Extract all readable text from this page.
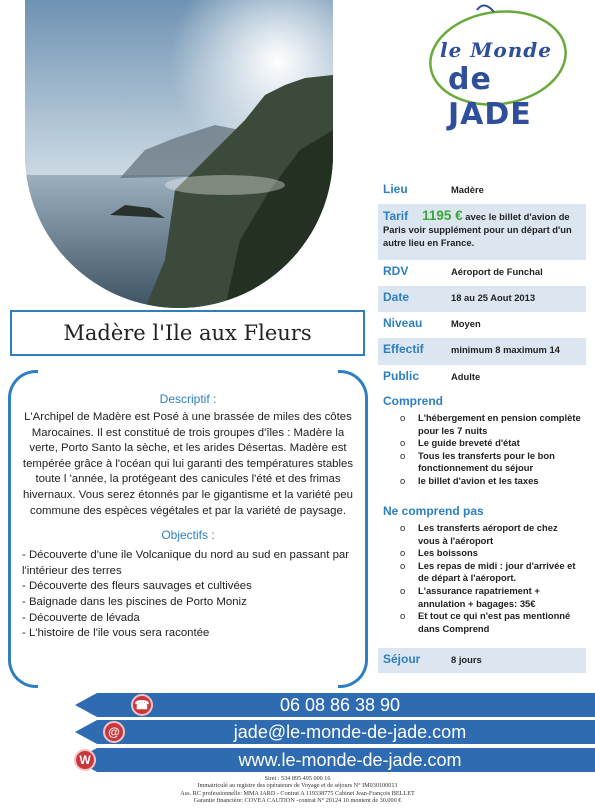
le Monde
de JADE
Madère l'Ile aux Fleurs
Descriptif :

L'Archipel de Madère est Posé à une brassée de miles des côtes Marocaines. Il est constitué de trois groupes d'îles : Madère la verte, Porto Santo la sèche, et les arides Désertas. Madère est tempérée grâce à l'océan qui lui garanti des températures stables toute l 'année, la protégeant des canicules l'été et des frimas hivernaux. Vous serez étonnés par le gigantisme et la variété peu commune des espèces végétales et par la variété de paysage.

Objectifs :
- Découverte d'une ile Volcanique du nord au sud en passant par l'intérieur des terres
- Découverte des fleurs sauvages et cultivées
- Baignade dans les piscines de Porto Moniz
- Découverte de lévada
- L'histoire de l'ile vous sera racontée
Lieu	Madère
Tarif 1195 € avec le billet d'avion de Paris voir supplément pour un départ d'un autre lieu en France.
RDV	Aéroport de Funchal
Date	18 au 25 Aout 2013
Niveau	Moyen
Effectif	minimum 8 maximum 14
Public	Adulte
Comprend
o L'hébergement en pension complète pour les 7 nuits
o Le guide breveté d'état
o Tous les transferts pour le bon fonctionnement du séjour
o le billet d'avion et les taxes
Ne comprend pas
o Les transferts aéroport de chez vous à l'aéroport
o Les boissons
o Les repas de midi : jour d'arrivée et de départ à l'aéroport.
o L'assurance rapatriement + annulation + bagages: 35€
o Et tout ce qui n'est pas mentionné dans Comprend
Séjour	8 jours
☎	06 08 86 38 90
@	jade@le-monde-de-jade.com
W	www.le-monde-de-jade.com
Siret : 534 895 495 000 16
Immatriculé au registre des opérateurs de Voyage et de séjours N° IM030100013
Ass. RC professionnelle: MMA IARD - Contrat A 119338775 Cabinet Jean-François BELLET
Garantie financière: COVEA CAUTION -contrat N° 20124 10 montent de 30.000 €
